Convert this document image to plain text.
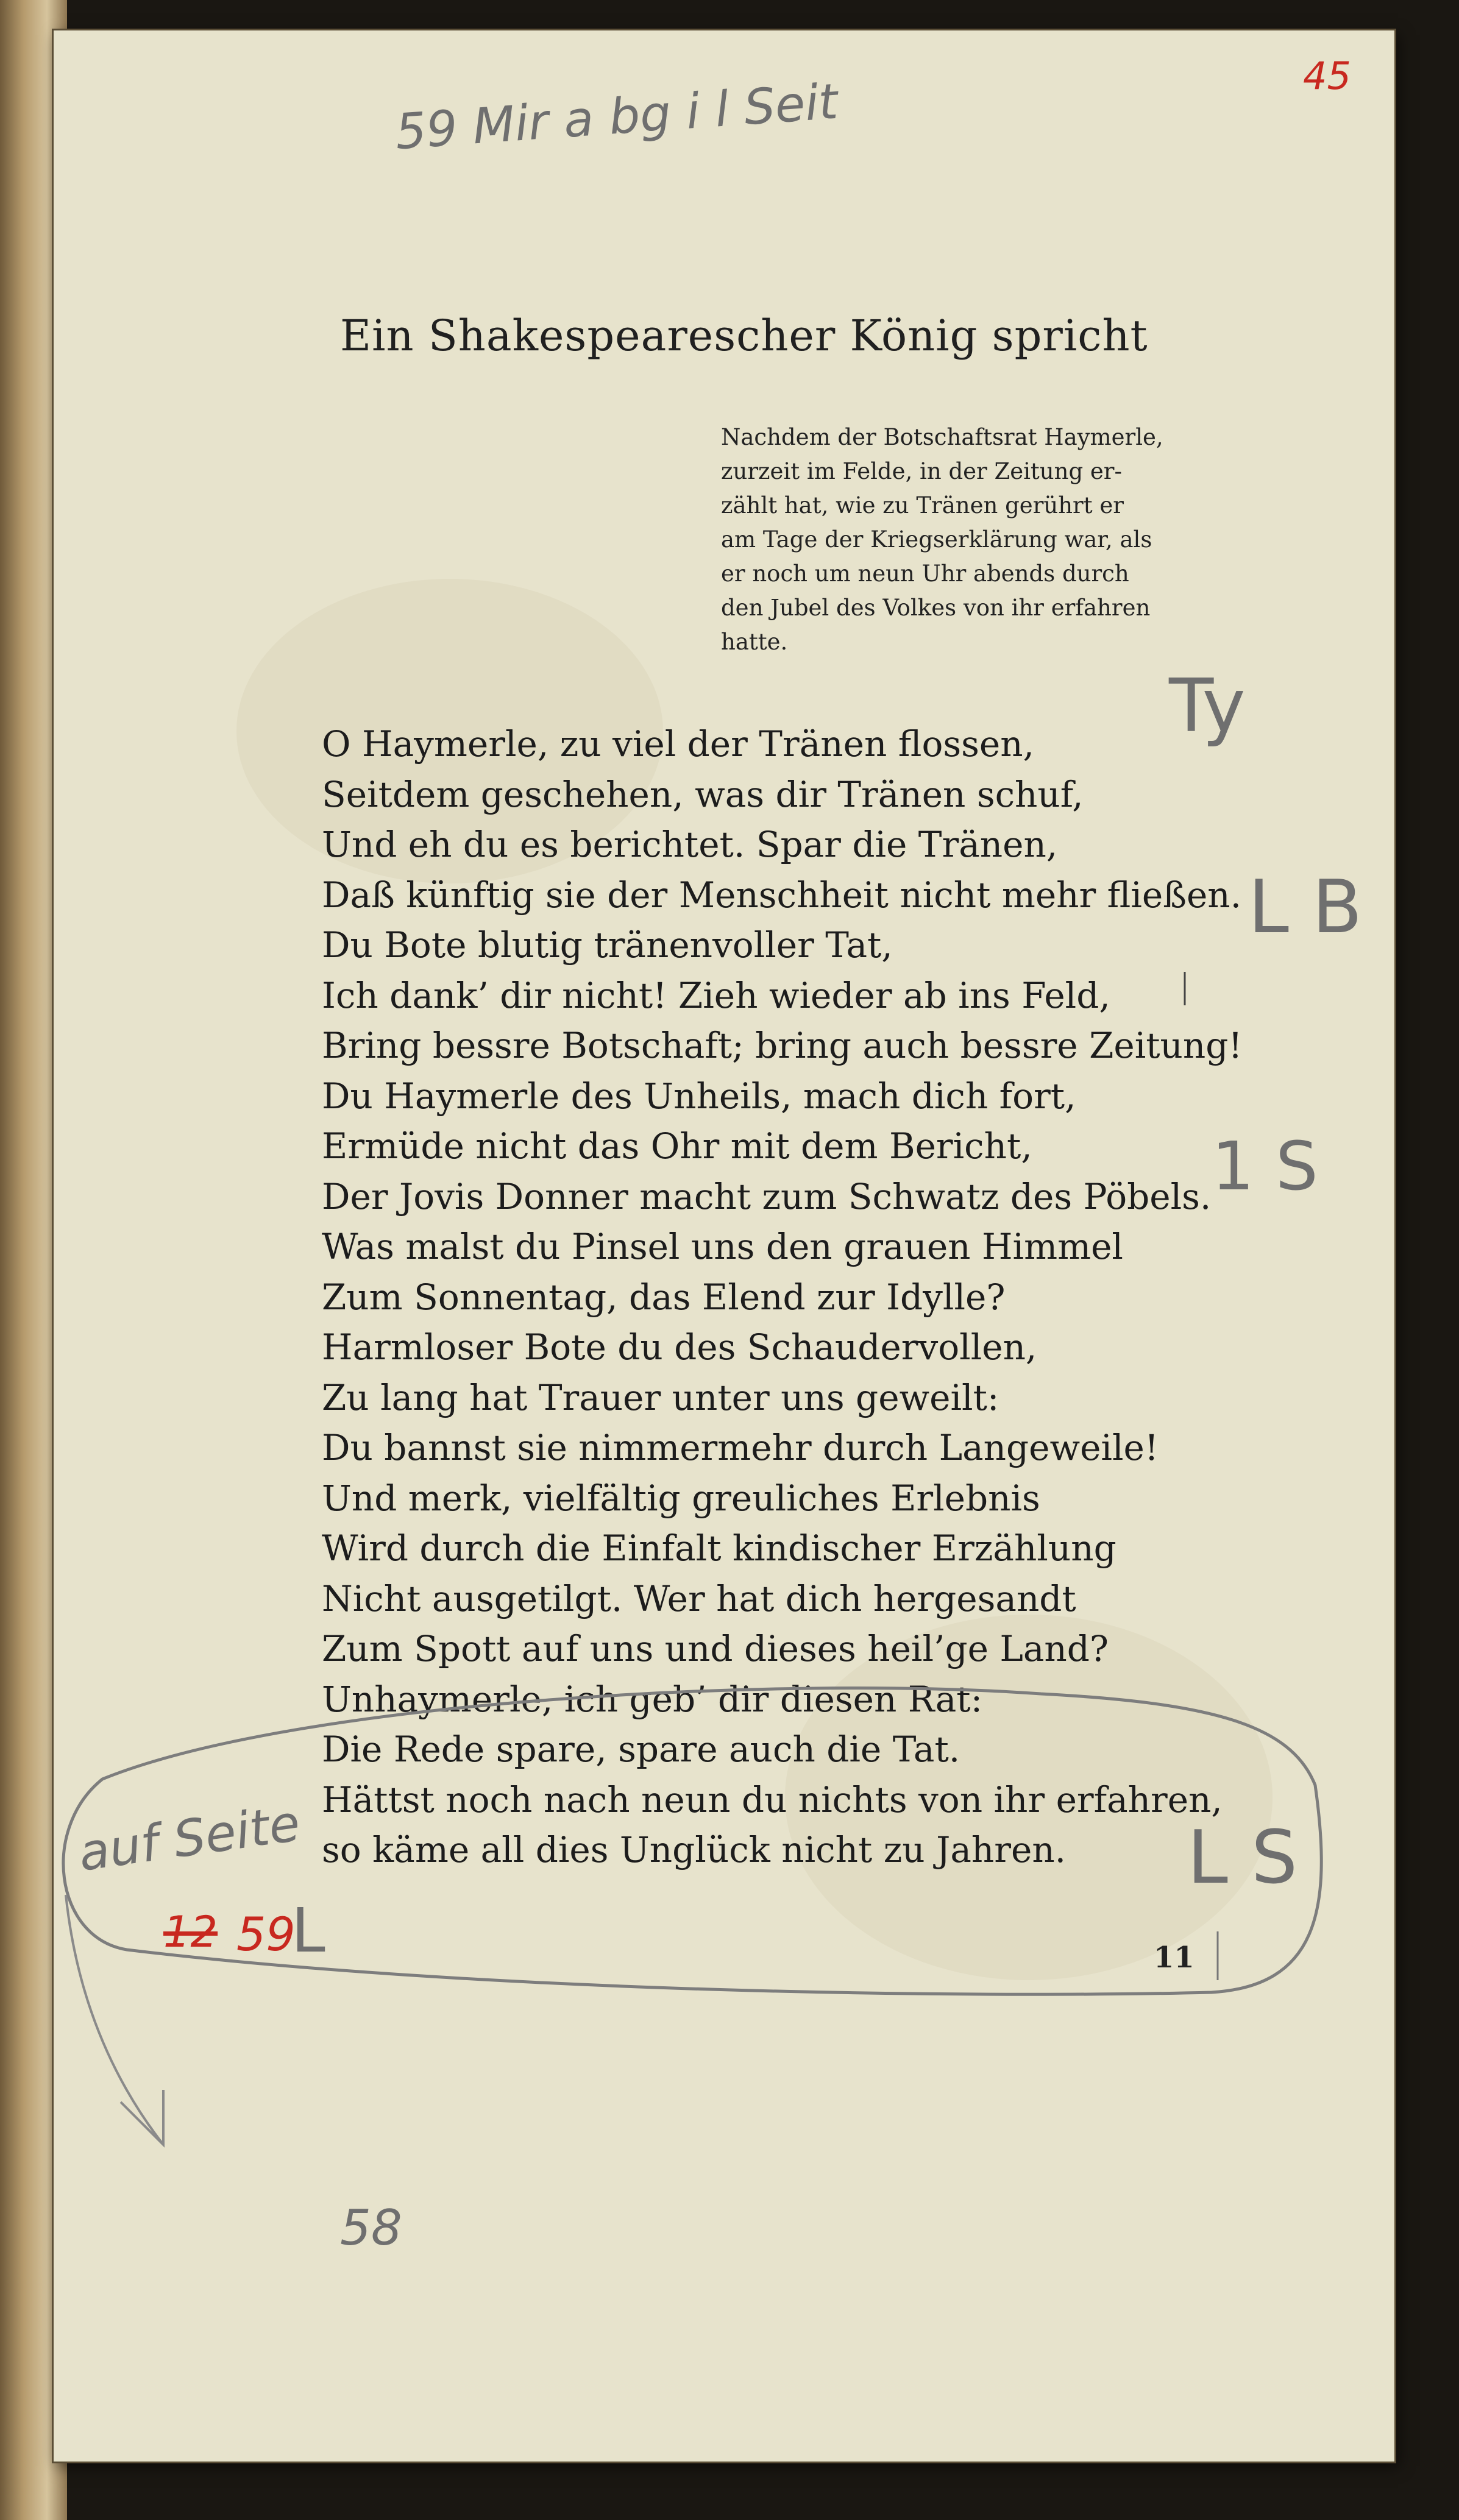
Ein Shakespearescher König spricht
Nachdem der Botschaftsrat Haymerle,
zurzeit im Felde, in der Zeitung er-
zählt hat, wie zu Tränen gerührt er
am Tage der Kriegserklärung war, als
er noch um neun Uhr abends durch
den Jubel des Volkes von ihr erfahren
hatte.
O Haymerle, zu viel der Tränen flossen,
Seitdem geschehen, was dir Tränen schuf,
Und eh du es berichtet. Spar die Tränen,
Daß künftig sie der Menschheit nicht mehr fließen.
Du Bote blutig tränenvoller Tat,
Ich dank’ dir nicht! Zieh wieder ab ins Feld,
Bring bessre Botschaft; bring auch bessre Zeitung!
Du Haymerle des Unheils, mach dich fort,
Ermüde nicht das Ohr mit dem Bericht,
Der Jovis Donner macht zum Schwatz des Pöbels.
Was malst du Pinsel uns den grauen Himmel
Zum Sonnentag, das Elend zur Idylle?
Harmloser Bote du des Schaudervollen,
Zu lang hat Trauer unter uns geweilt:
Du bannst sie nimmermehr durch Langeweile!
Und merk, vielfältig greuliches Erlebnis
Wird durch die Einfalt kindischer Erzählung
Nicht ausgetilgt. Wer hat dich hergesandt
Zum Spott auf uns und dieses heil’ge Land?
Unhaymerle, ich geb’ dir diesen Rat:
Die Rede spare, spare auch die Tat.
Hättst noch nach neun du nichts von ihr erfahren,
so käme all dies Unglück nicht zu Jahren.
11
59 Mir a bg i l Seit	45
Ty
L B
1 S
L S
auf Seite
12 59
L
58
